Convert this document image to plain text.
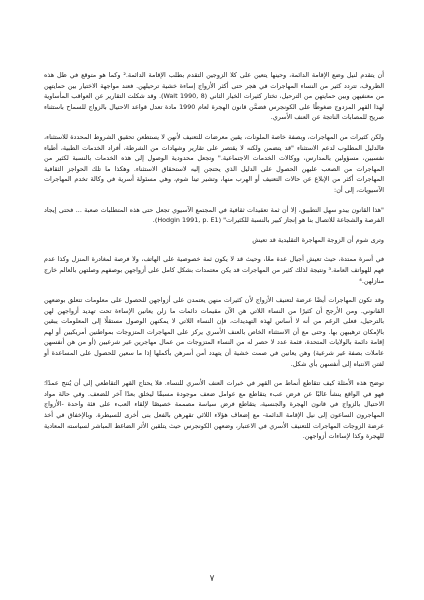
أن يتقدم لنيل وضع الإقامة الدائمة، وحينها يتعين على كلا الزوجين التقدم بطلب الإقامة الدائمة.² وكما هو متوقع في ظل هذه الظروف، تتردد كثير من النساء المهاجرات في هجر حتى أكثر الأزواج إساءة خشية ترحيلهن. فعند مواجهة الاختيار بين حمايتهن من معنفيهن وبين حمايتهن من الترحيل، تختار كثيرات الخيار الثاني (Walt 1990, 8). وقد شكلت التقارير عن العواقب المأساوية لهذا القهر المزدوج ضغوطًا على الكونجرس فضمَّن قانون الهجرة لعام 1990 مادة تعدل قواعد الاحتيال بالزواج للسماح باستثناء صريح للمصابات الناتجة عن العنف الأسري.

ولكن كثيرات من المهاجرات، وبصفة خاصة الملونات، يقين معرضات للتعنيف لأنهن لا يستطعن تحقيق الشروط المحددة للاستثناء، فالدليل المطلوب لدعم الاستثناء "قد يتضمن ولكنه لا يقتصر على تقارير وشهادات من الشرطة، أفراد الخدمات الطبية، أطباء نفسيين، مسؤولين بالمدارس، ووكالات الخدمات الاجتماعية." وتجعل محدودية الوصول إلى هذه الخدمات بالنسبة لكثير من المهاجرات من الصعب عليهن الحصول على الدليل الذي يحتجن إليه لاستحقاق الاستثناء. وهكذا ما تلك الحواجز الثقافية المهاجرات أكثر من الإبلاغ عن حالات التعنيف أو الهرب منها، وتشير تينا شوم، وهي مسئولة أسرية في وكالة تخدم المهاجرات الآسيويات، إلى أن:

"هذا القانون يبدو سهل التطبيق، إلا أن ثمة تعقيدات ثقافية في المجتمع الآسيوي تجعل حتى هذه المتطلبات صعبة ... فحتى إيجاد الفرصة والشجاعة للاتصال بنا هو إنجاز كبير بالنسبة للكثيرات" (Hodgin 1991, p. E1).

وترى شوم أن الزوجة المهاجرة التقليدية قد تعيش

في أسرة ممتدة، حيث تعيش أجيال عدة معًا، وحيث قد لا يكون ثمة خصوصية على الهاتف، ولا فرصة لمغادرة المنزل وكذا عدم فهم للهواتف العامة.³ ونتيجة لذلك كثير من المهاجرات قد يكن معتمدات بشكل كامل على أزواجهن بوصفهم وصلتهن بالعالم خارج منازلهن.⁴

وقد تكون المهاجرات أيضًا عرضة لتعنيف الأزواج لأن كثيرات منهن يعتمدن على أزواجهن للحصول على معلومات تتعلق بوضعهن القانوني. ومن الأرجح أن كثيرًا من النساء اللاتي هن الآن مقيمات دائمات ما زلن يعانين الإساءة تحت تهديد أزواجهن لهن بالترحيل، فعلى الرغم من أنه لا أساس لهذه التهديدات، فإن النساء اللاتي لا يمكنهن الوصول مستقلًا إلى المعلومات يبقين بالإمكان ترهيبهن بها. وحتى مع أن الاستثناء الخاص بالعنف الأسري يركز على المهاجرات المتزوجات بمواطنين أمريكيين أو لهم إقامة دائمة بالولايات المتحدة، فثمة عدد لا حصر له من النساء المتزوجات من عمال مهاجرين غير شرعيين (أو من هن أنفسهن عاملات بصفة غير شرعية) وهن يعانين في صمت خشية أن يتهدد أمن أسرهن بأكملها إذا ما سعين للحصول على المساعدة أو لفتن الانتباه إلى أنفسهن بأي شكل.

توضح هذه الأمثلة كيف تتقاطع أنماط من القهر في خبرات العنف الأسري للنساء. فلا يحتاج القهر التقاطعي إلى أن يُنتج عمدًا؛ فهو في الواقع ينشأ غالبًا عن فرض عبء يتقاطع مع عوامل ضعف موجودة مسبقًا ليخلق بعدًا آخر للضعف. وفي حالة مواد الاحتيال بالزواج في قانون الهجرة والجنسية، يتقاطع فرض سياسة مصممة خصيصًا لإلقاء العبء على فئة واحدة -الأزواج المهاجرون الساعون إلى نيل الإقامة الدائمة- مع إضعاف هؤلاء اللائي تقهرهن بالفعل بنى أخرى للسيطرة. وبالإخفاق في أخذ عرضة الزوجات المهاجرات للتعنيف الأسري في الاعتبار، وضعهن الكونجرس حيث يتلقين الأثر الضاغط المباشر لسياسته المعادية للهجرة وكذا لإساءات أزواجهن.

٧
